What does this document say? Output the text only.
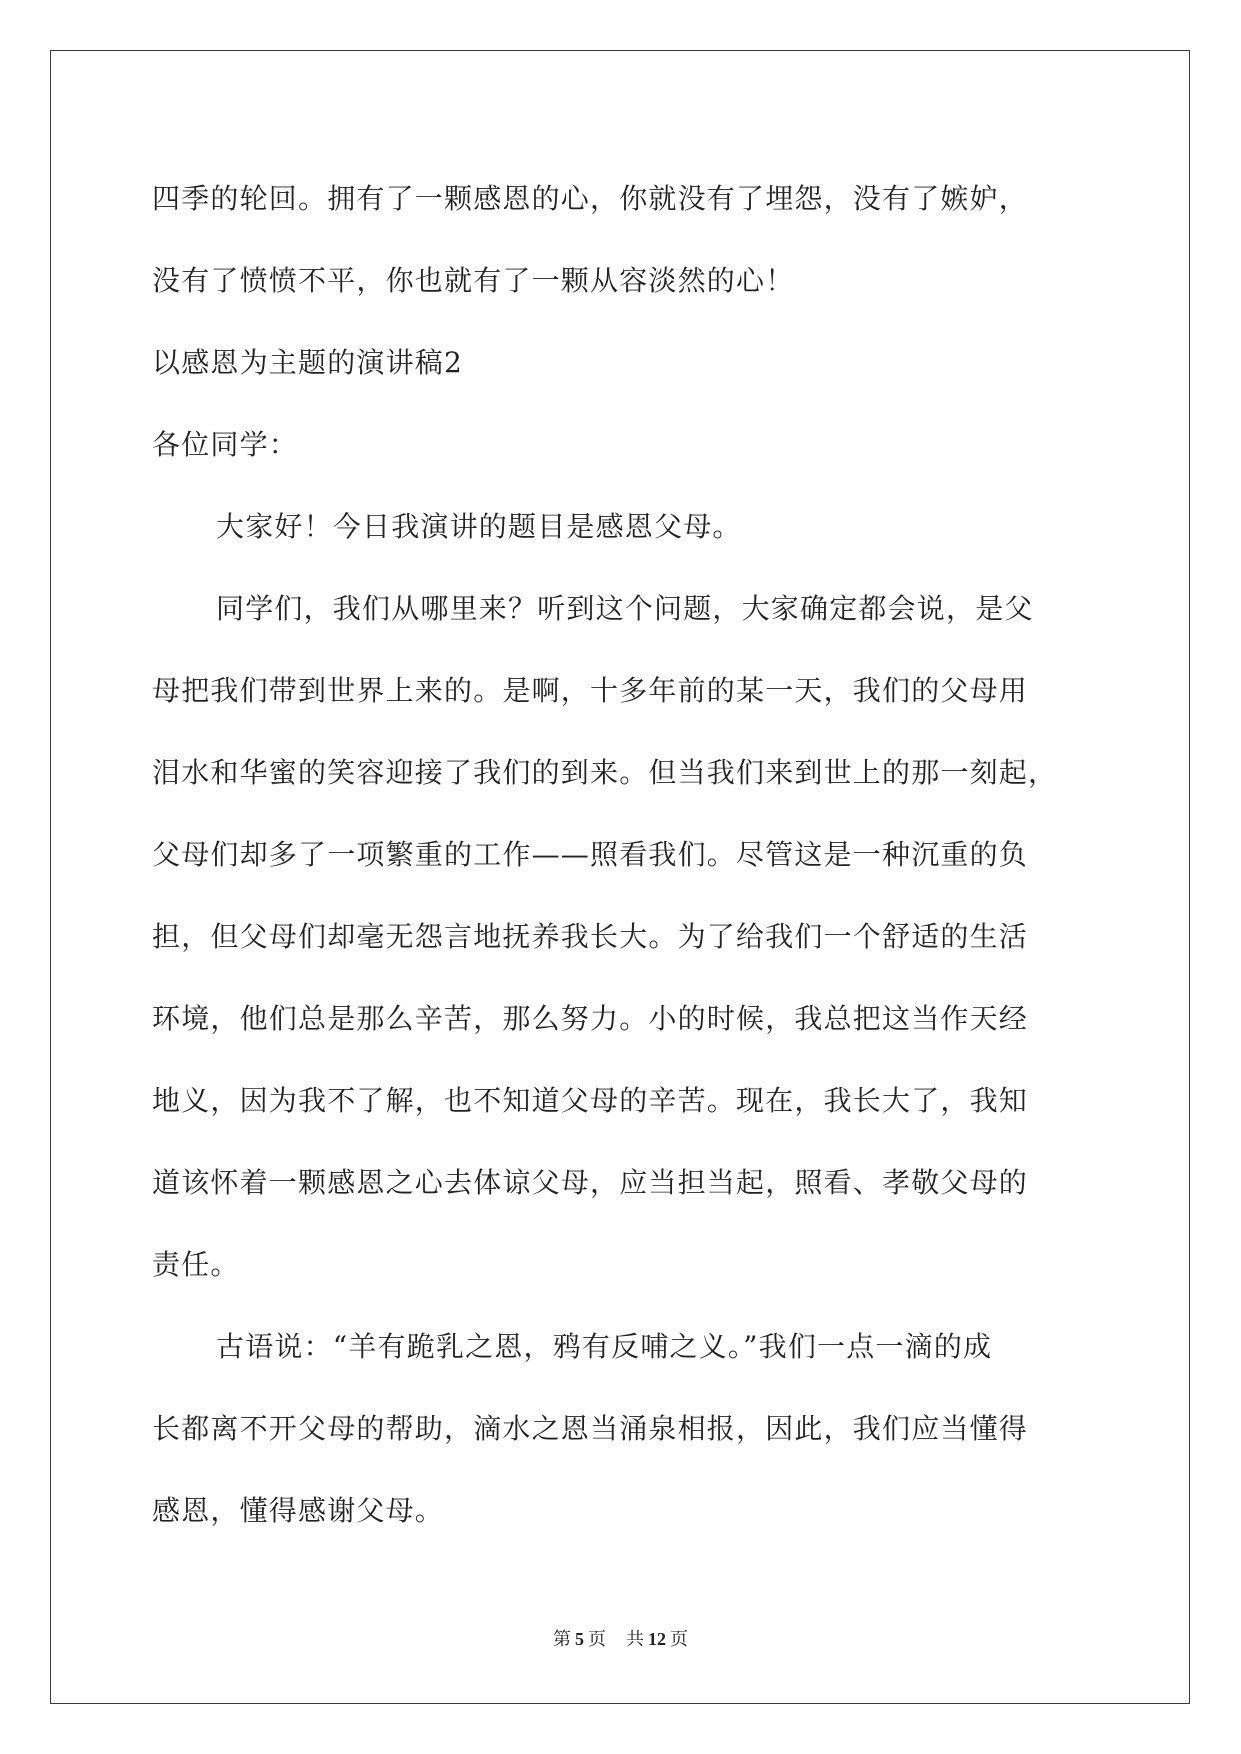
四季的轮回。拥有了一颗感恩的心，你就没有了埋怨，没有了嫉妒，
没有了愤愤不平，你也就有了一颗从容淡然的心！
以感恩为主题的演讲稿2
各位同学：
大家好！今日我演讲的题目是感恩父母。
同学们，我们从哪里来？听到这个问题，大家确定都会说，是父
母把我们带到世界上来的。是啊，十多年前的某一天，我们的父母用
泪水和华蜜的笑容迎接了我们的到来。但当我们来到世上的那一刻起，
父母们却多了一项繁重的工作——照看我们。尽管这是一种沉重的负
担，但父母们却毫无怨言地抚养我长大。为了给我们一个舒适的生活
环境，他们总是那么辛苦，那么努力。小的时候，我总把这当作天经
地义，因为我不了解，也不知道父母的辛苦。现在，我长大了，我知
道该怀着一颗感恩之心去体谅父母，应当担当起，照看、孝敬父母的
责任。
古语说：“羊有跪乳之恩，鸦有反哺之义。”我们一点一滴的成
长都离不开父母的帮助，滴水之恩当涌泉相报，因此，我们应当懂得
感恩，懂得感谢父母。
第 5 页 共 12 页
